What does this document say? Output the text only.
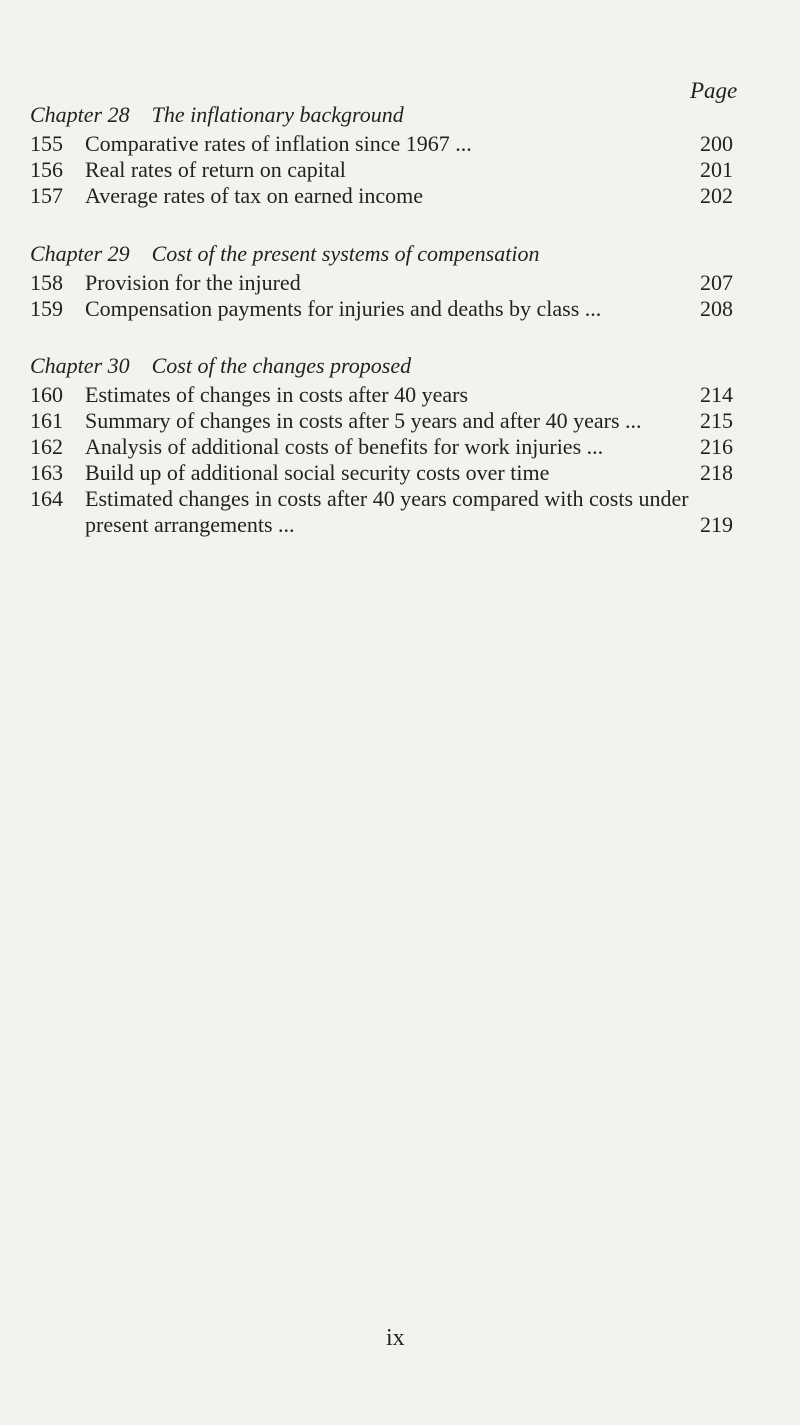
Page
Chapter 28 The inflationary background
155	Comparative rates of inflation since 1967 ...	200
156	Real rates of return on capital	201
157	Average rates of tax on earned income	202
Chapter 29 Cost of the present systems of compensation
158	Provision for the injured	207
159	Compensation payments for injuries and deaths by class ...	208
Chapter 30 Cost of the changes proposed
160	Estimates of changes in costs after 40 years	214
161	Summary of changes in costs after 5 years and after 40 years ...	215
162	Analysis of additional costs of benefits for work injuries ...	216
163	Build up of additional social security costs over time	218
164	Estimated changes in costs after 40 years compared with costs under
present arrangements ...	219
ix
